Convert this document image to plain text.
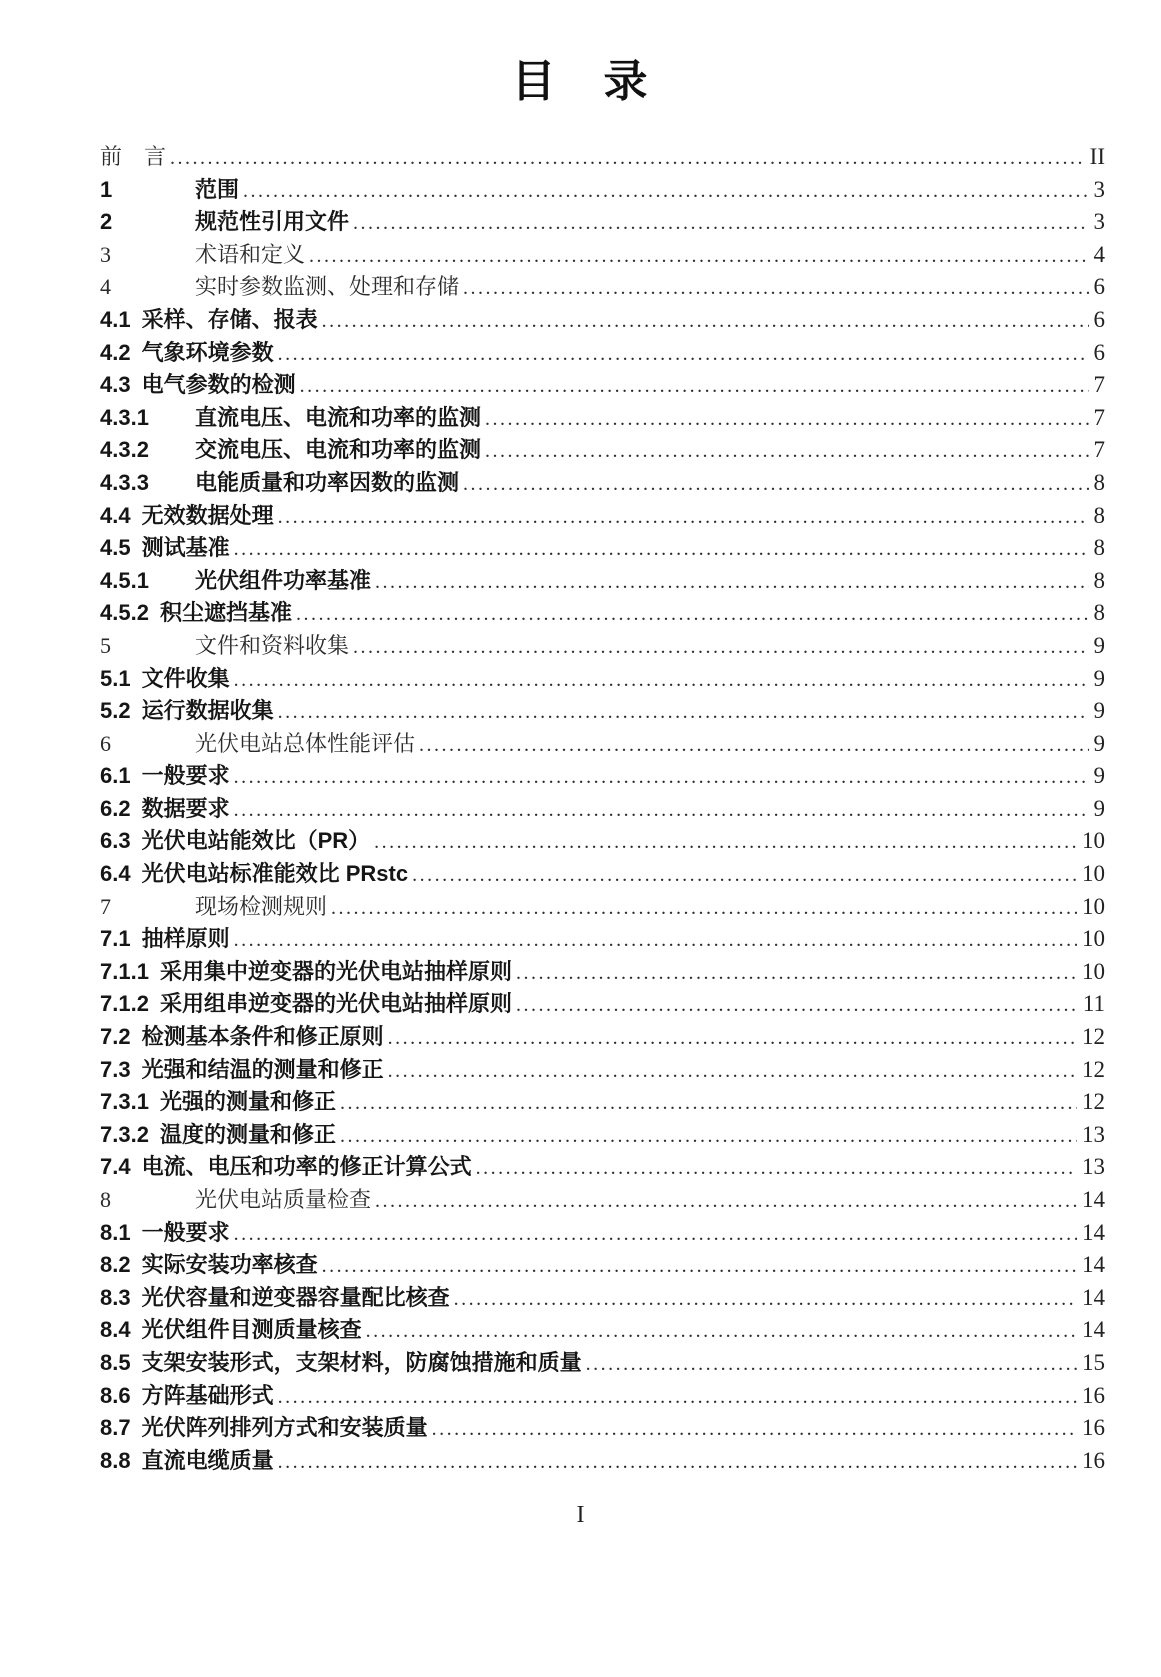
目　录
前　言 .....	II
1	范围 .....	3
2	规范性引用文件 .....	3
3	术语和定义 .....	4
4	实时参数监测、处理和存储 .....	6
4.1 采样、存储、报表 .....	6
4.2 气象环境参数 .....	6
4.3 电气参数的检测 .....	7
4.3.1	直流电压、电流和功率的监测 .....	7
4.3.2	交流电压、电流和功率的监测 .....	7
4.3.3	电能质量和功率因数的监测 .....	8
4.4 无效数据处理 .....	8
4.5 测试基准 .....	8
4.5.1	光伏组件功率基准 .....	8
4.5.2 积尘遮挡基准 .....	8
5	文件和资料收集 .....	9
5.1 文件收集 .....	9
5.2 运行数据收集 .....	9
6	光伏电站总体性能评估 .....	9
6.1 一般要求 .....	9
6.2 数据要求 .....	9
6.3 光伏电站能效比（PR） .....	10
6.4 光伏电站标准能效比 PRstc .....	10
7	现场检测规则 .....	10
7.1 抽样原则 .....	10
7.1.1 采用集中逆变器的光伏电站抽样原则 .....	10
7.1.2 采用组串逆变器的光伏电站抽样原则 .....	11
7.2 检测基本条件和修正原则 .....	12
7.3 光强和结温的测量和修正 .....	12
7.3.1 光强的测量和修正 .....	12
7.3.2 温度的测量和修正 .....	13
7.4 电流、电压和功率的修正计算公式 .....	13
8	光伏电站质量检查 .....	14
8.1 一般要求 .....	14
8.2 实际安装功率核查 .....	14
8.3 光伏容量和逆变器容量配比核查 .....	14
8.4 光伏组件目测质量核查 .....	14
8.5 支架安装形式，支架材料，防腐蚀措施和质量 .....	15
8.6 方阵基础形式 .....	16
8.7 光伏阵列排列方式和安装质量 .....	16
8.8 直流电缆质量 .....	16
I
